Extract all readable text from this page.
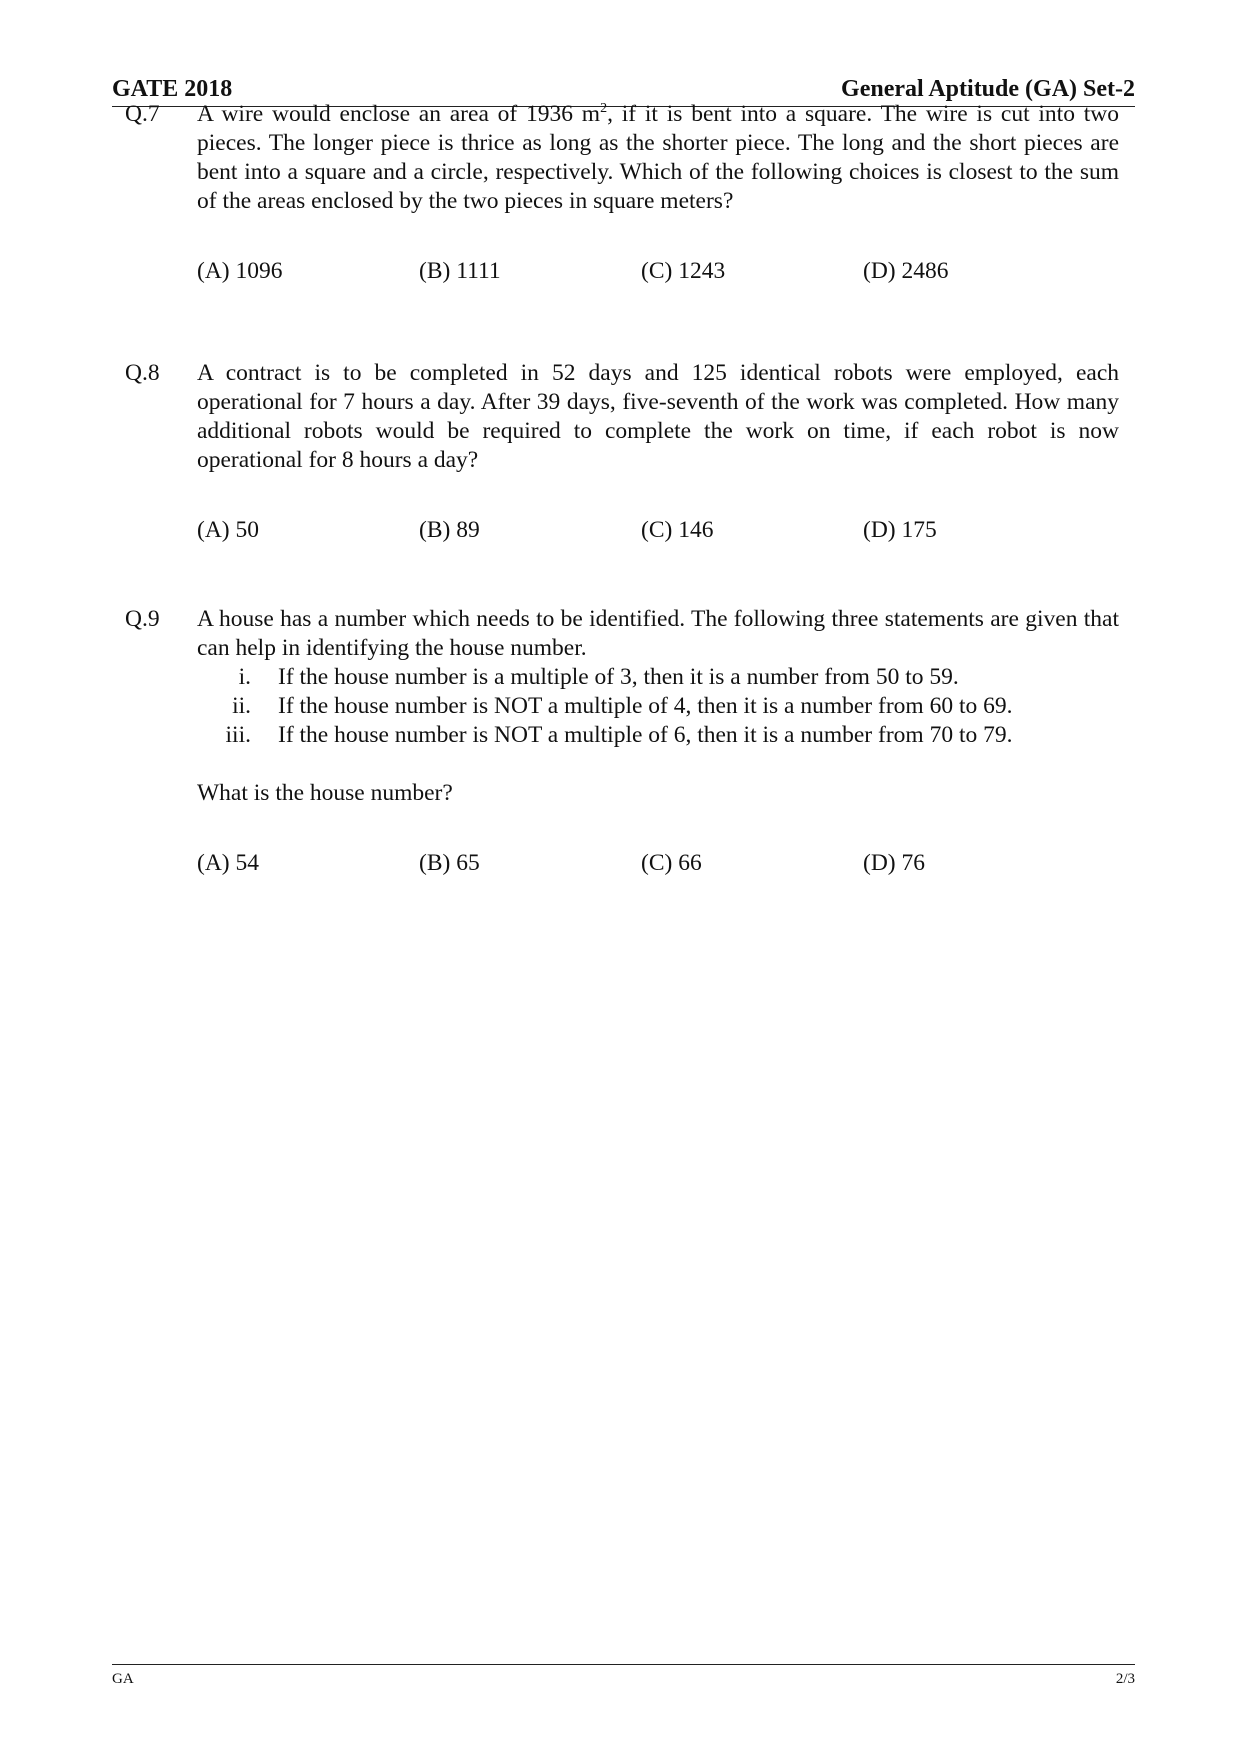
GATE 2018	General Aptitude (GA) Set-2
Q.7 A wire would enclose an area of 1936 $m^2$, if it is bent into a square. The wire is cut into two pieces. The longer piece is thrice as long as the shorter piece. The long and the short pieces are bent into a square and a circle, respectively. Which of the following choices is closest to the sum of the areas enclosed by the two pieces in square meters?

(A) 1096	(B) 1111	(C) 1243	(D) 2486
Q.8 A contract is to be completed in 52 days and 125 identical robots were employed, each operational for 7 hours a day. After 39 days, five-seventh of the work was completed. How many additional robots would be required to complete the work on time, if each robot is now operational for 8 hours a day?

(A) 50	(B) 89	(C) 146	(D) 175
Q.9 A house has a number which needs to be identified. The following three statements are given that can help in identifying the house number.

i. If the house number is a multiple of 3, then it is a number from 50 to 59.
ii. If the house number is NOT a multiple of 4, then it is a number from 60 to 69.
iii. If the house number is NOT a multiple of 6, then it is a number from 70 to 79.

What is the house number?

(A) 54	(B) 65	(C) 66	(D) 76
GA	2/3
